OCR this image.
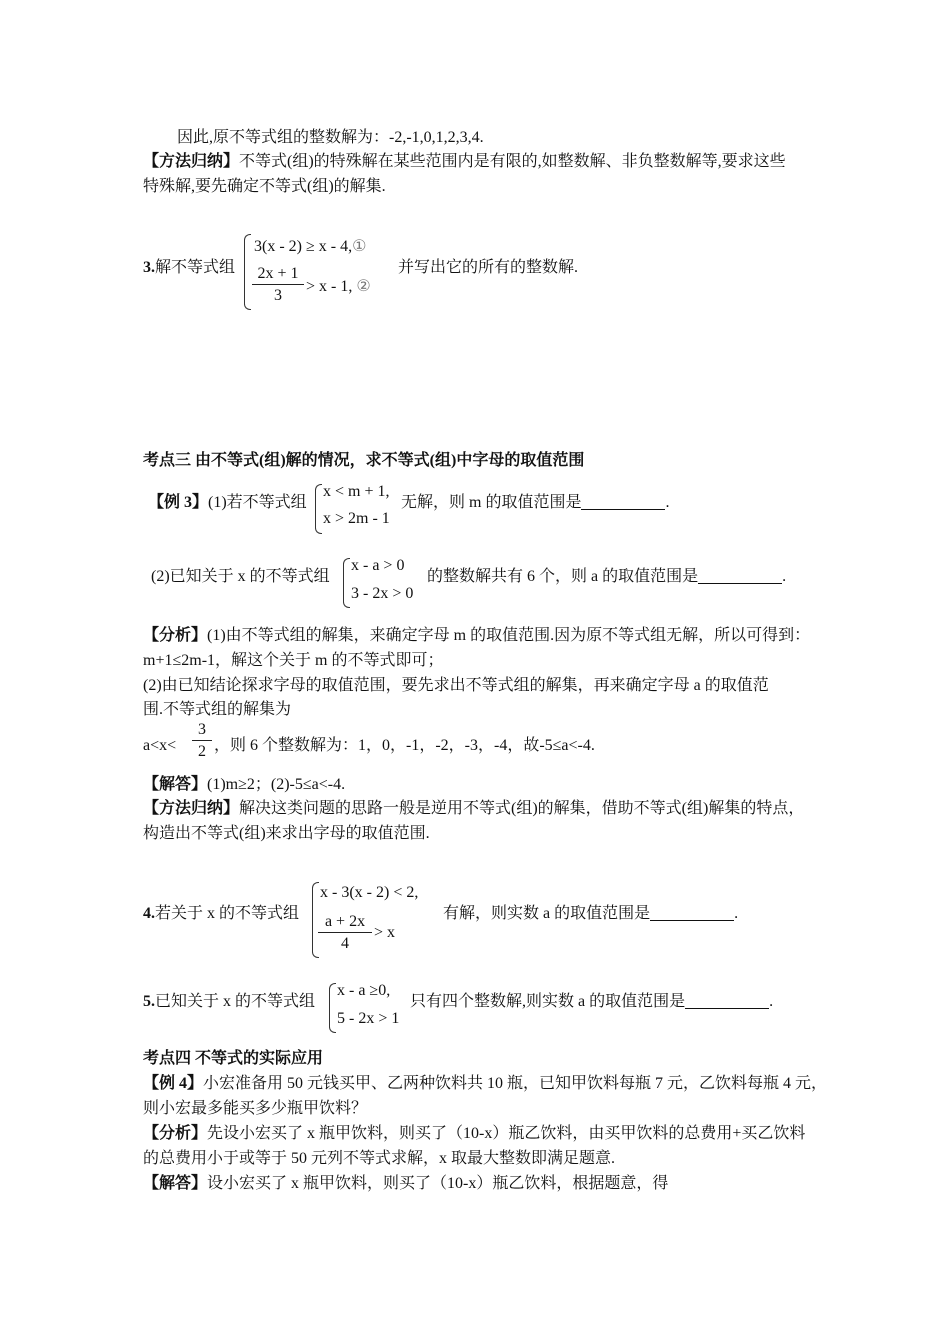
因此,原不等式组的整数解为：-2,-1,0,1,2,3,4.
【方法归纳】不等式(组)的特殊解在某些范围内是有限的,如整数解、非负整数解等,要求这些
特殊解,要先确定不等式(组)的解集.
3.解不等式组
3(x - 2) ≥ x - 4,①
$\frac{2x + 1}{3} > x - 1$, ②
并写出它的所有的整数解.
考点三 由不等式(组)解的情况，求不等式(组)中字母的取值范围
【例 3】(1)若不等式组
x < m + 1,
x > 2m - 1
无解，则 m 的取值范围是	.
(2)已知关于 x 的不等式组
x - a > 0
3 - 2x > 0
的整数解共有 6 个，则 a 的取值范围是	.
【分析】(1)由不等式组的解集，来确定字母 m 的取值范围.因为原不等式组无解，所以可得到：
m+1≤2m-1，解这个关于 m 的不等式即可；
(2)由已知结论探求字母的取值范围，要先求出不等式组的解集，再来确定字母 a 的取值范
围.不等式组的解集为
$a<x< \frac{3}{2}$ ，则 6 个整数解为：1，0，-1，-2，-3，-4，故-5≤a<-4.
【解答】(1)m≥2；(2)-5≤a<-4.
【方法归纳】解决这类问题的思路一般是逆用不等式(组)的解集，借助不等式(组)解集的特点，
构造出不等式(组)来求出字母的取值范围.
4.若关于 x 的不等式组
x - 3(x - 2) < 2,
$\frac{a + 2x}{4} > x$
有解，则实数 a 的取值范围是	.
5.已知关于 x 的不等式组
x - a ≥0,
5 - 2x > 1
只有四个整数解,则实数 a 的取值范围是	.
考点四 不等式的实际应用
【例 4】小宏准备用 50 元钱买甲、乙两种饮料共 10 瓶，已知甲饮料每瓶 7 元，乙饮料每瓶 4 元，
则小宏最多能买多少瓶甲饮料？
【分析】先设小宏买了 x 瓶甲饮料，则买了（10-x）瓶乙饮料，由买甲饮料的总费用+买乙饮料
的总费用小于或等于 50 元列不等式求解，x 取最大整数即满足题意.
【解答】设小宏买了 x 瓶甲饮料，则买了（10-x）瓶乙饮料，根据题意，得
